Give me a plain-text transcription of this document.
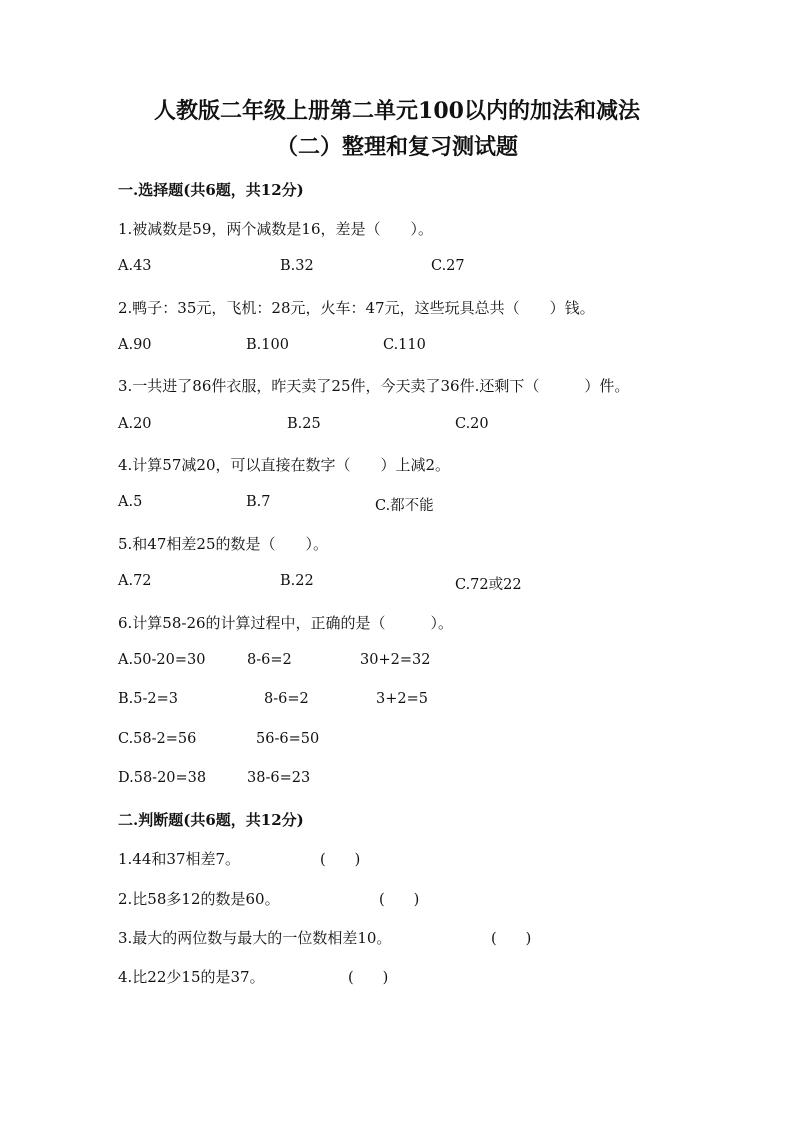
人教版二年级上册第二单元100以内的加法和减法
（二）整理和复习测试题
一.选择题(共6题，共12分)
1.被减数是59，两个减数是16，差是（　　）。
A.43	B.32	C.27
2.鸭子：35元，飞机：28元，火车：47元，这些玩具总共（　　）钱。
A.90	B.100	C.110
3.一共进了86件衣服，昨天卖了25件，今天卖了36件.还剩下（　　　）件。
A.20	B.25	C.20
4.计算57减20，可以直接在数字（　　）上减2。
A.5	B.7	C.都不能
5.和47相差25的数是（　　）。
A.72	B.22	C.72或22
6.计算58-26的计算过程中，正确的是（　　　）。
A.50-20=30	8-6=2	30+2=32
B.5-2=3	8-6=2	3+2=5
C.58-2=56	56-6=50
D.58-20=38	38-6=23
二.判断题(共6题，共12分)
1.44和37相差7。	(　　)
2.比58多12的数是60。	(　　)
3.最大的两位数与最大的一位数相差10。	(　　)
4.比22少15的是37。	(　　)
